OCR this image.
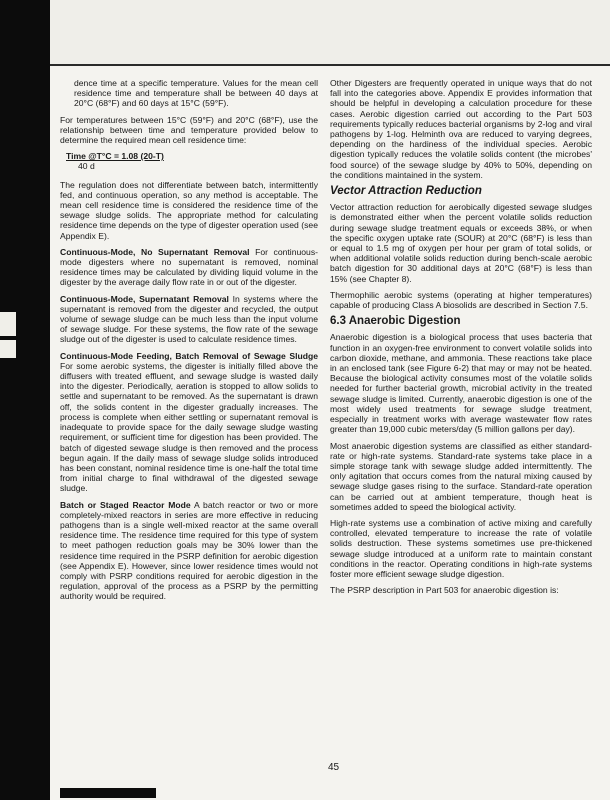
dence time at a specific temperature. Values for the mean cell residence time and temperature shall be between 40 days at 20°C (68°F) and 60 days at 15°C (59°F).

For temperatures between 15°C (59°F) and 20°C (68°F), use the relationship between time and temperature provided below to determine the required mean cell residence time:

Time @T°C = 1.08 (20-T)
40 d

The regulation does not differentiate between batch, intermittently fed, and continuous operation, so any method is acceptable. The mean cell residence time is considered the residence time of the sewage sludge solids. The appropriate method for calculating residence time depends on the type of digester operation used (see Appendix E).

Continuous-Mode, No Supernatant Removal For continuous-mode digesters where no supernatant is removed, nominal residence times may be calculated by dividing liquid volume in the digester by the average daily flow rate in or out of the digester.

Continuous-Mode, Supernatant Removal In systems where the supernatant is removed from the digester and recycled, the output volume of sewage sludge can be much less than the input volume of sewage sludge. For these systems, the flow rate of the sewage sludge out of the digester is used to calculate residence times.

Continuous-Mode Feeding, Batch Removal of Sewage Sludge For some aerobic systems, the digester is initially filled above the diffusers with treated effluent, and sewage sludge is wasted daily into the digester. Periodically, aeration is stopped to allow solids to settle and supernatant to be removed. As the supernatant is drawn off, the solids content in the digester gradually increases. The process is complete when either settling or supernatant removal is inadequate to provide space for the daily sewage sludge wasting requirement, or sufficient time for digestion has been provided. The batch of digested sewage sludge is then removed and the process begun again. If the daily mass of sewage sludge solids introduced has been constant, nominal residence time is one-half the total time from initial charge to final withdrawal of the digested sewage sludge.

Batch or Staged Reactor Mode A batch reactor or two or more completely-mixed reactors in series are more effective in reducing pathogens than is a single well-mixed reactor at the same overall residence time. The residence time required for this type of system to meet pathogen reduction goals may be 30% lower than the residence time required in the PSRP definition for aerobic digestion (see Appendix E). However, since lower residence times would not comply with PSRP conditions required for aerobic digestion in the regulation, approval of the process as a PSRP by the permitting authority would be required.

Other Digesters are frequently operated in unique ways that do not fall into the categories above. Appendix E provides information that should be helpful in developing a calculation procedure for these cases. Aerobic digestion carried out according to the Part 503 requirements typically reduces bacterial organisms by 2-log and viral pathogens by 1-log. Helminth ova are reduced to varying degrees, depending on the hardiness of the individual species. Aerobic digestion typically reduces the volatile solids content (the microbes' food source) of the sewage sludge by 40% to 50%, depending on the conditions maintained in the system.

Vector Attraction Reduction

Vector attraction reduction for aerobically digested sewage sludges is demonstrated either when the percent volatile solids reduction during sewage sludge treatment equals or exceeds 38%, or when the specific oxygen uptake rate (SOUR) at 20°C (68°F) is less than or equal to 1.5 mg of oxygen per hour per gram of total solids, or when additional volatile solids reduction during bench-scale aerobic batch digestion for 30 additional days at 20°C (68°F) is less than 15% (see Chapter 8).

Thermophilic aerobic systems (operating at higher temperatures) capable of producing Class A biosolids are described in Section 7.5.

6.3 Anaerobic Digestion

Anaerobic digestion is a biological process that uses bacteria that function in an oxygen-free environment to convert volatile solids into carbon dioxide, methane, and ammonia. These reactions take place in an enclosed tank (see Figure 6-2) that may or may not be heated. Because the biological activity consumes most of the volatile solids needed for further bacterial growth, microbial activity in the treated sewage sludge is limited. Currently, anaerobic digestion is one of the most widely used treatments for sewage sludge treatment, especially in treatment works with average wastewater flow rates greater than 19,000 cubic meters/day (5 million gallons per day).

Most anaerobic digestion systems are classified as either standard-rate or high-rate systems. Standard-rate systems take place in a simple storage tank with sewage sludge added intermittently. The only agitation that occurs comes from the natural mixing caused by sewage sludge gases rising to the surface. Standard-rate operation can be carried out at ambient temperature, though heat is sometimes added to speed the biological activity.

High-rate systems use a combination of active mixing and carefully controlled, elevated temperature to increase the rate of volatile solids destruction. These systems sometimes use pre-thickened sewage sludge introduced at a uniform rate to maintain constant conditions in the reactor. Operating conditions in high-rate systems foster more efficient sewage sludge digestion.

The PSRP description in Part 503 for anaerobic digestion is:

45
